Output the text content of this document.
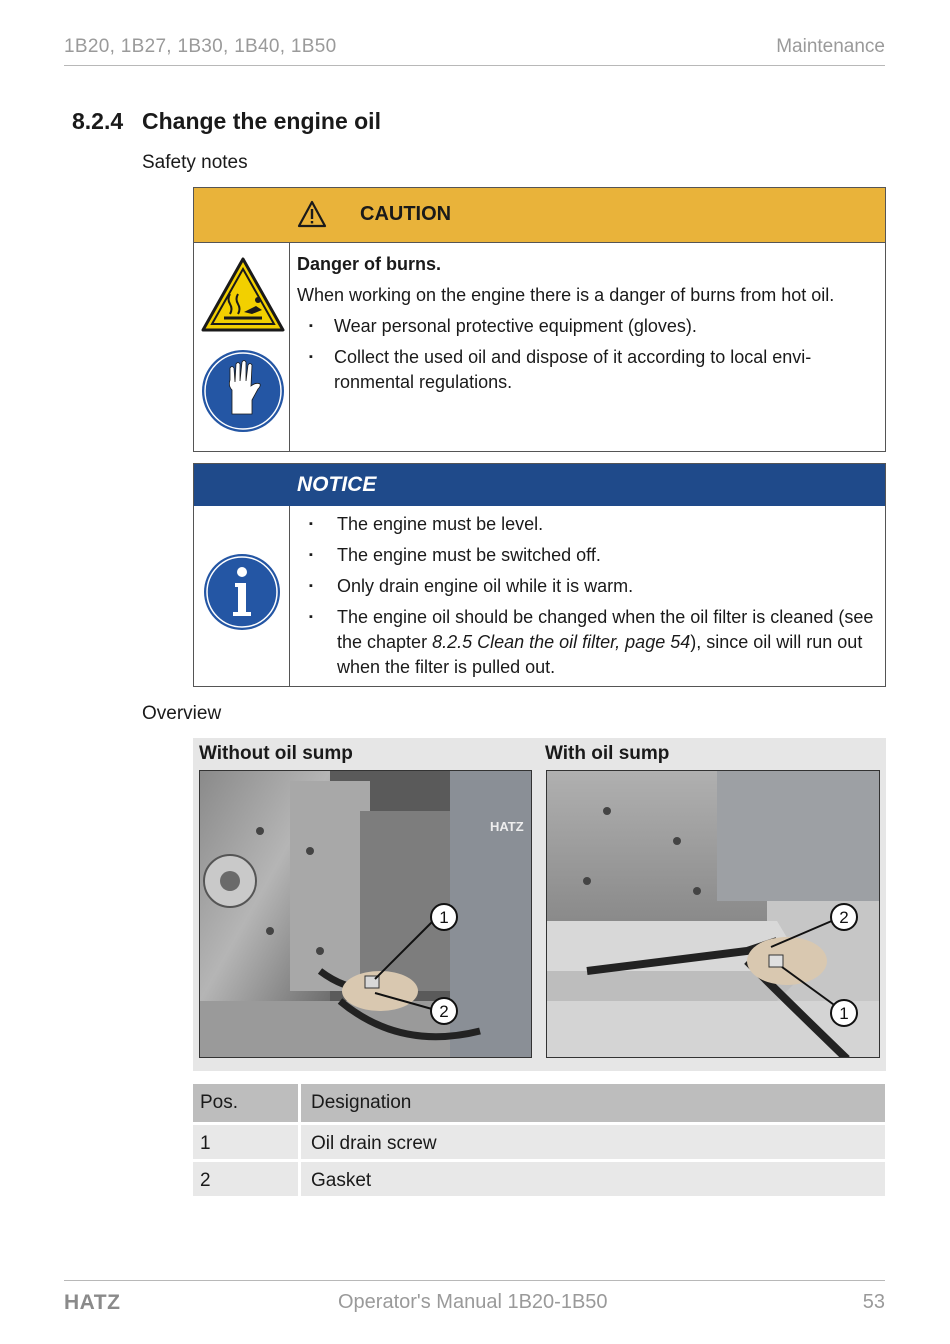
1B20, 1B27, 1B30, 1B40, 1B50	Maintenance
8.2.4 Change the engine oil
Safety notes
CAUTION
Danger of burns.
When working on the engine there is a danger of burns from hot oil.
▪ Wear personal protective equipment (gloves).
▪ Collect the used oil and dispose of it according to local envi-ronmental regulations.
NOTICE
▪ The engine must be level.
▪ The engine must be switched off.
▪ Only drain engine oil while it is warm.
▪ The engine oil should be changed when the oil filter is cleaned (see the chapter 8.2.5 Clean the oil filter, page 54), since oil will run out when the filter is pulled out.
Overview
Without oil sump	With oil sump
HATZ
1
2
2
1
Pos.	Designation
1	Oil drain screw
2	Gasket
HATZ	Operator's Manual 1B20-1B50	53
